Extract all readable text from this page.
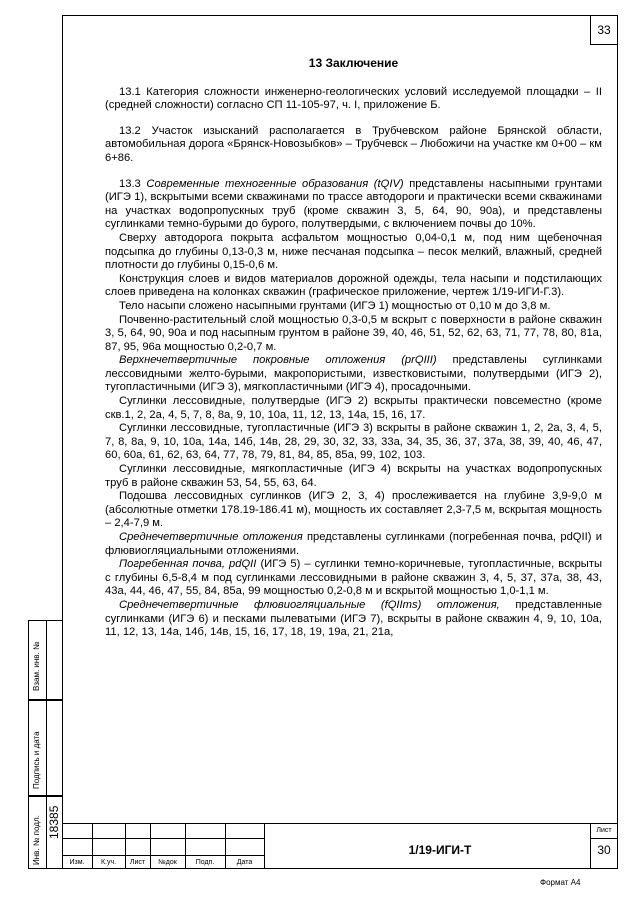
33

13 Заключение

13.1 Категория сложности инженерно-геологических условий исследуемой площадки – II (средней сложности) согласно СП 11-105-97, ч. I, приложение Б.

13.2 Участок изысканий располагается в Трубчевском районе Брянской области, автомобильная дорога «Брянск-Новозыбков» – Трубчевск – Любожичи на участке км 0+00 – км 6+86.

13.3 Современные техногенные образования (tQIV) представлены насыпными грунтами (ИГЭ 1), вскрытыми всеми скважинами по трассе автодороги и практически всеми скважинами на участках водопропускных труб (кроме скважин 3, 5, 64, 90, 90а), и представлены суглинками темно-бурыми до бурого, полутвердыми, с включением почвы до 10%.

Сверху автодорога покрыта асфальтом мощностью 0,04-0,1 м, под ним щебеночная подсыпка до глубины 0,13-0,3 м, ниже песчаная подсыпка – песок мелкий, влажный, средней плотности до глубины 0,15-0,6 м.

Конструкция слоев и видов материалов дорожной одежды, тела насыпи и подстилающих слоев приведена на колонках скважин (графическое приложение, чертеж 1/19-ИГИ-Г.3).

Тело насыпи сложено насыпными грунтами (ИГЭ 1) мощностью от 0,10 м до 3,8 м.

Почвенно-растительный слой мощностью 0,3-0,5 м вскрыт с поверхности в районе скважин 3, 5, 64, 90, 90а и под насыпным грунтом в районе 39, 40, 46, 51, 52, 62, 63, 71, 77, 78, 80, 81а, 87, 95, 96а мощностью 0,2-0,7 м.

Верхнечетвертичные покровные отложения (prQIII) представлены суглинками лессовидными желто-бурыми, макропористыми, известковистыми, полутвердыми (ИГЭ 2), тугопластичными (ИГЭ 3), мягкопластичными (ИГЭ 4), просадочными.

Суглинки лессовидные, полутвердые (ИГЭ 2) вскрыты практически повсеместно (кроме скв.1, 2, 2а, 4, 5, 7, 8, 8а, 9, 10, 10а, 11, 12, 13, 14а, 15, 16, 17.

Суглинки лессовидные, тугопластичные (ИГЭ 3) вскрыты в районе скважин 1, 2, 2а, 3, 4, 5, 7, 8, 8а, 9, 10, 10а, 14а, 14б, 14в, 28, 29, 30, 32, 33, 33а, 34, 35, 36, 37, 37а, 38, 39, 40, 46, 47, 60, 60а, 61, 62, 63, 64, 77, 78, 79, 81, 84, 85, 85а, 99, 102, 103.

Суглинки лессовидные, мягкопластичные (ИГЭ 4) вскрыты на участках водопропускных труб в районе скважин 53, 54, 55, 63, 64.

Подошва лессовидных суглинков (ИГЭ 2, 3, 4) прослеживается на глубине 3,9-9,0 м (абсолютные отметки 178.19-186.41 м), мощность их составляет 2,3-7,5 м, вскрытая мощность – 2,4-7,9 м.

Среднечетвертичные отложения представлены суглинками (погребенная почва, pdQII) и флювиогляциальными отложениями.

Погребенная почва, pdQII (ИГЭ 5) – суглинки темно-коричневые, тугопластичные, вскрыты с глубины 6,5-8,4 м под суглинками лессовидными в районе скважин 3, 4, 5, 37, 37а, 38, 43, 43а, 44, 46, 47, 55, 84, 85а, 99 мощностью 0,2-0,8 м и вскрытой мощностью 1,0-1,1 м.

Среднечетвертичные флювиогляциальные (fQIIms) отложения, представленные суглинками (ИГЭ 6) и песками пылеватыми (ИГЭ 7), вскрыты в районе скважин 4, 9, 10, 10а, 11, 12, 13, 14а, 14б, 14в, 15, 16, 17, 18, 19, 19а, 21, 21а,

Взам. инв. №
Подпись и дата
Инв. № подл. 18385
Изм.	К.уч.	Лист	№док	Подп.	Дата
1/19-ИГИ-Т
Лист
30
Формат А4
